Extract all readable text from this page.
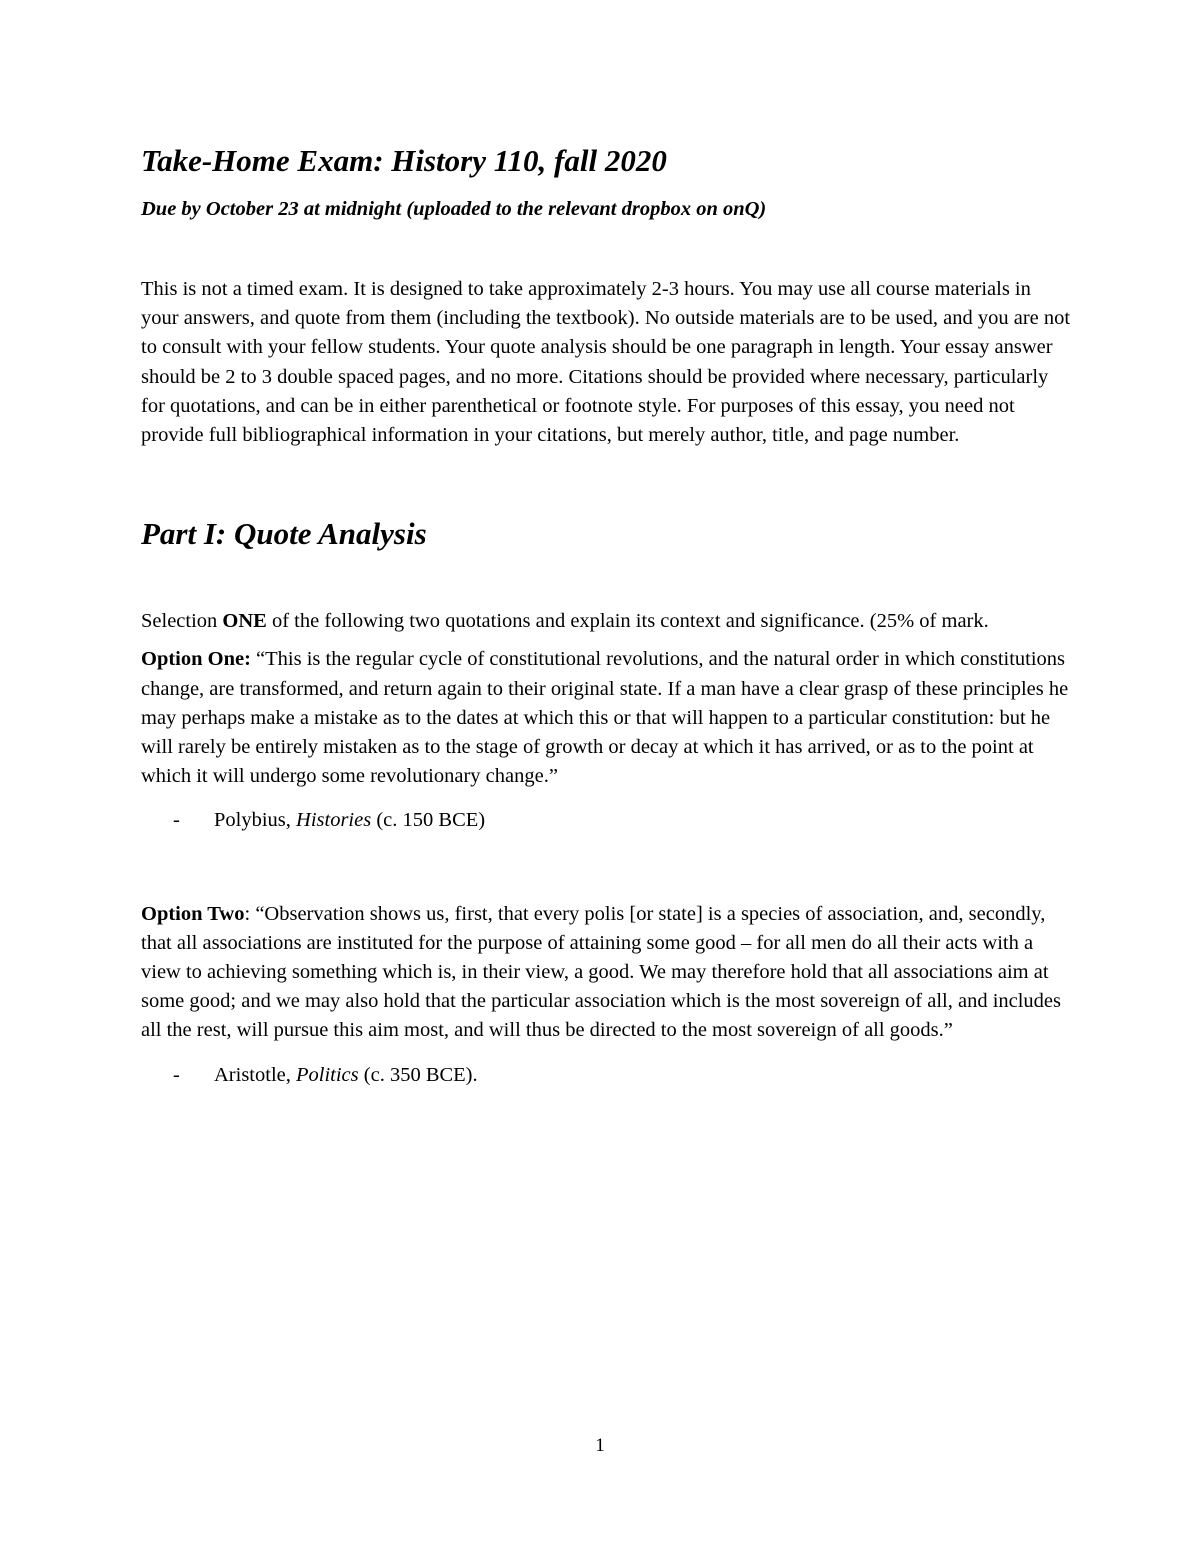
Take-Home Exam: History 110, fall 2020

Due by October 23 at midnight (uploaded to the relevant dropbox on onQ)

This is not a timed exam. It is designed to take approximately 2-3 hours. You may use all course materials in your answers, and quote from them (including the textbook). No outside materials are to be used, and you are not to consult with your fellow students. Your quote analysis should be one paragraph in length. Your essay answer should be 2 to 3 double spaced pages, and no more. Citations should be provided where necessary, particularly for quotations, and can be in either parenthetical or footnote style. For purposes of this essay, you need not provide full bibliographical information in your citations, but merely author, title, and page number.

Part I: Quote Analysis

Selection ONE of the following two quotations and explain its context and significance. (25% of mark.

Option One: “This is the regular cycle of constitutional revolutions, and the natural order in which constitutions change, are transformed, and return again to their original state. If a man have a clear grasp of these principles he may perhaps make a mistake as to the dates at which this or that will happen to a particular constitution: but he will rarely be entirely mistaken as to the stage of growth or decay at which it has arrived, or as to the point at which it will undergo some revolutionary change.”

-	Polybius, Histories (c. 150 BCE)

Option Two: “Observation shows us, first, that every polis [or state] is a species of association, and, secondly, that all associations are instituted for the purpose of attaining some good – for all men do all their acts with a view to achieving something which is, in their view, a good. We may therefore hold that all associations aim at some good; and we may also hold that the particular association which is the most sovereign of all, and includes all the rest, will pursue this aim most, and will thus be directed to the most sovereign of all goods.”

-	Aristotle, Politics (c. 350 BCE).
1
